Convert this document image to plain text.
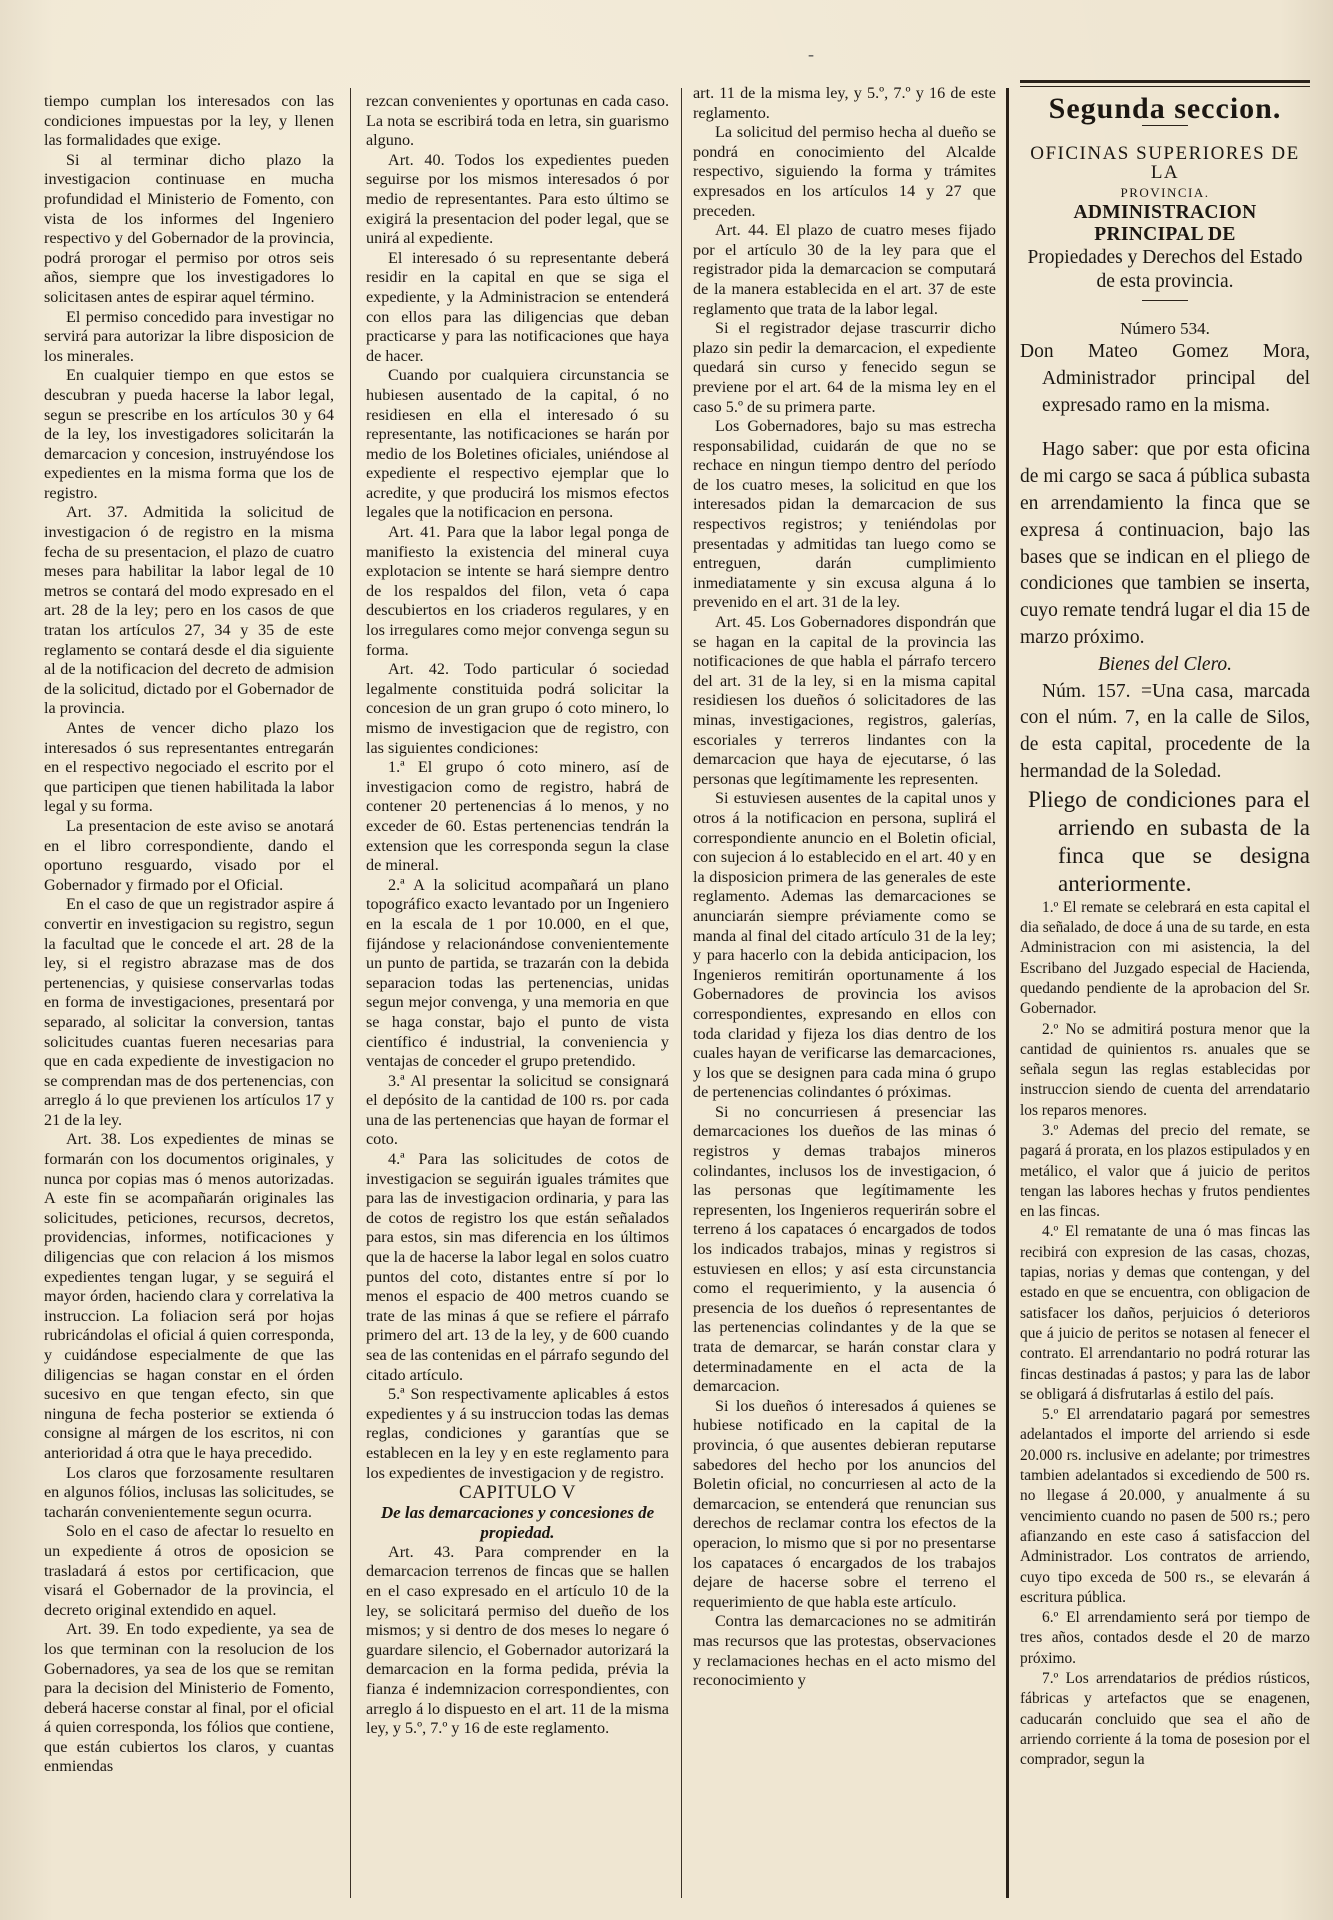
-

tiempo cumplan los interesados con las condiciones impuestas por la ley, y llenen las formalidades que exige.

Si al terminar dicho plazo la investigacion continuase en mucha profundidad el Ministerio de Fomento, con vista de los informes del Ingeniero respectivo y del Gobernador de la provincia, podrá prorogar el permiso por otros seis años, siempre que los investigadores lo solicitasen antes de espirar aquel término.

El permiso concedido para investigar no servirá para autorizar la libre disposicion de los minerales.

En cualquier tiempo en que estos se descubran y pueda hacerse la labor legal, segun se prescribe en los artículos 30 y 64 de la ley, los investigadores solicitarán la demarcacion y concesion, instruyéndose los expedientes en la misma forma que los de registro.

Art. 37. Admitida la solicitud de investigacion ó de registro en la misma fecha de su presentacion, el plazo de cuatro meses para habilitar la labor legal de 10 metros se contará del modo expresado en el art. 28 de la ley; pero en los casos de que tratan los artículos 27, 34 y 35 de este reglamento se contará desde el dia siguiente al de la notificacion del decreto de admision de la solicitud, dictado por el Gobernador de la provincia.

Antes de vencer dicho plazo los interesados ó sus representantes entregarán en el respectivo negociado el escrito por el que participen que tienen habilitada la labor legal y su forma.

La presentacion de este aviso se anotará en el libro correspondiente, dando el oportuno resguardo, visado por el Gobernador y firmado por el Oficial.

En el caso de que un registrador aspire á convertir en investigacion su registro, segun la facultad que le concede el art. 28 de la ley, si el registro abrazase mas de dos pertenencias, y quisiese conservarlas todas en forma de investigaciones, presentará por separado, al solicitar la conversion, tantas solicitudes cuantas fueren necesarias para que en cada expediente de investigacion no se comprendan mas de dos pertenencias, con arreglo á lo que previenen los artículos 17 y 21 de la ley.

Art. 38. Los expedientes de minas se formarán con los documentos originales, y nunca por copias mas ó menos autorizadas. A este fin se acompañarán originales las solicitudes, peticiones, recursos, decretos, providencias, informes, notificaciones y diligencias que con relacion á los mismos expedientes tengan lugar, y se seguirá el mayor órden, haciendo clara y correlativa la instruccion. La foliacion será por hojas rubricándolas el oficial á quien corresponda, y cuidándose especialmente de que las diligencias se hagan constar en el órden sucesivo en que tengan efecto, sin que ninguna de fecha posterior se extienda ó consigne al márgen de los escritos, ni con anterioridad á otra que le haya precedido.

Los claros que forzosamente resultaren en algunos fólios, inclusas las solicitudes, se tacharán convenientemente segun ocurra.

Solo en el caso de afectar lo resuelto en un expediente á otros de oposicion se trasladará á estos por certificacion, que visará el Gobernador de la provincia, el decreto original extendido en aquel.

Art. 39. En todo expediente, ya sea de los que terminan con la resolucion de los Gobernadores, ya sea de los que se remitan para la decision del Ministerio de Fomento, deberá hacerse constar al final, por el oficial á quien corresponda, los fólios que contiene, que están cubiertos los claros, y cuantas enmiendas

rezcan convenientes y oportunas en cada caso. La nota se escribirá toda en letra, sin guarismo alguno.

Art. 40. Todos los expedientes pueden seguirse por los mismos interesados ó por medio de representantes. Para esto último se exigirá la presentacion del poder legal, que se unirá al expediente.

El interesado ó su representante deberá residir en la capital en que se siga el expediente, y la Administracion se entenderá con ellos para las diligencias que deban practicarse y para las notificaciones que haya de hacer.

Cuando por cualquiera circunstancia se hubiesen ausentado de la capital, ó no residiesen en ella el interesado ó su representante, las notificaciones se harán por medio de los Boletines oficiales, uniéndose al expediente el respectivo ejemplar que lo acredite, y que producirá los mismos efectos legales que la notificacion en persona.

Art. 41. Para que la labor legal ponga de manifiesto la existencia del mineral cuya explotacion se intente se hará siempre dentro de los respaldos del filon, veta ó capa descubiertos en los criaderos regulares, y en los irregulares como mejor convenga segun su forma.

Art. 42. Todo particular ó sociedad legalmente constituida podrá solicitar la concesion de un gran grupo ó coto minero, lo mismo de investigacion que de registro, con las siguientes condiciones:

1.ª El grupo ó coto minero, así de investigacion como de registro, habrá de contener 20 pertenencias á lo menos, y no exceder de 60. Estas pertenencias tendrán la extension que les corresponda segun la clase de mineral.

2.ª A la solicitud acompañará un plano topográfico exacto levantado por un Ingeniero en la escala de 1 por 10.000, en el que, fijándose y relacionándose convenientemente un punto de partida, se trazarán con la debida separacion todas las pertenencias, unidas segun mejor convenga, y una memoria en que se haga constar, bajo el punto de vista científico é industrial, la conveniencia y ventajas de conceder el grupo pretendido.

3.ª Al presentar la solicitud se consignará el depósito de la cantidad de 100 rs. por cada una de las pertenencias que hayan de formar el coto.

4.ª Para las solicitudes de cotos de investigacion se seguirán iguales trámites que para las de investigacion ordinaria, y para las de cotos de registro los que están señalados para estos, sin mas diferencia en los últimos que la de hacerse la labor legal en solos cuatro puntos del coto, distantes entre sí por lo menos el espacio de 400 metros cuando se trate de las minas á que se refiere el párrafo primero del art. 13 de la ley, y de 600 cuando sea de las contenidas en el párrafo segundo del citado artículo.

5.ª Son respectivamente aplicables á estos expedientes y á su instruccion todas las demas reglas, condiciones y garantías que se establecen en la ley y en este reglamento para los expedientes de investigacion y de registro.

CAPITULO V

De las demarcaciones y concesiones de propiedad.

Art. 43. Para comprender en la demarcacion terrenos de fincas que se hallen en el caso expresado en el artículo 10 de la ley, se solicitará permiso del dueño de los mismos; y si dentro de dos meses lo negare ó guardare silencio, el Gobernador autorizará la demarcacion en la forma pedida, prévia la fianza é indemnizacion correspondientes, con arreglo á lo dispuesto en el art. 11 de la misma ley, y 5.º, 7.º y 16 de este reglamento.

art. 11 de la misma ley, y 5.º, 7.º y 16 de este reglamento.

La solicitud del permiso hecha al dueño se pondrá en conocimiento del Alcalde respectivo, siguiendo la forma y trámites expresados en los artículos 14 y 27 que preceden.

Art. 44. El plazo de cuatro meses fijado por el artículo 30 de la ley para que el registrador pida la demarcacion se computará de la manera establecida en el art. 37 de este reglamento que trata de la labor legal.

Si el registrador dejase trascurrir dicho plazo sin pedir la demarcacion, el expediente quedará sin curso y fenecido segun se previene por el art. 64 de la misma ley en el caso 5.º de su primera parte.

Los Gobernadores, bajo su mas estrecha responsabilidad, cuidarán de que no se rechace en ningun tiempo dentro del período de los cuatro meses, la solicitud en que los interesados pidan la demarcacion de sus respectivos registros; y teniéndolas por presentadas y admitidas tan luego como se entreguen, darán cumplimiento inmediatamente y sin excusa alguna á lo prevenido en el art. 31 de la ley.

Art. 45. Los Gobernadores dispondrán que se hagan en la capital de la provincia las notificaciones de que habla el párrafo tercero del art. 31 de la ley, si en la misma capital residiesen los dueños ó solicitadores de las minas, investigaciones, registros, galerías, escoriales y terreros lindantes con la demarcacion que haya de ejecutarse, ó las personas que legítimamente les representen.

Si estuviesen ausentes de la capital unos y otros á la notificacion en persona, suplirá el correspondiente anuncio en el Boletin oficial, con sujecion á lo establecido en el art. 40 y en la disposicion primera de las generales de este reglamento. Ademas las demarcaciones se anunciarán siempre préviamente como se manda al final del citado artículo 31 de la ley; y para hacerlo con la debida anticipacion, los Ingenieros remitirán oportunamente á los Gobernadores de provincia los avisos correspondientes, expresando en ellos con toda claridad y fijeza los dias dentro de los cuales hayan de verificarse las demarcaciones, y los que se designen para cada mina ó grupo de pertenencias colindantes ó próximas.

Si no concurriesen á presenciar las demarcaciones los dueños de las minas ó registros y demas trabajos mineros colindantes, inclusos los de investigacion, ó las personas que legítimamente les representen, los Ingenieros requerirán sobre el terreno á los capataces ó encargados de todos los indicados trabajos, minas y registros si estuviesen en ellos; y así esta circunstancia como el requerimiento, y la ausencia ó presencia de los dueños ó representantes de las pertenencias colindantes y de la que se trata de demarcar, se harán constar clara y determinadamente en el acta de la demarcacion.

Si los dueños ó interesados á quienes se hubiese notificado en la capital de la provincia, ó que ausentes debieran reputarse sabedores del hecho por los anuncios del Boletin oficial, no concurriesen al acto de la demarcacion, se entenderá que renuncian sus derechos de reclamar contra los efectos de la operacion, lo mismo que si por no presentarse los capataces ó encargados de los trabajos dejare de hacerse sobre el terreno el requerimiento de que habla este artículo.

Contra las demarcaciones no se admitirán mas recursos que las protestas, observaciones y reclamaciones hechas en el acto mismo del reconocimiento y

Segunda seccion.

OFICINAS SUPERIORES DE LA

PROVINCIA.

ADMINISTRACION PRINCIPAL DE

Propiedades y Derechos del Estado de esta provincia.

Número 534.

Don Mateo Gomez Mora, Administrador principal del expresado ramo en la misma.

Hago saber: que por esta oficina de mi cargo se saca á pública subasta en arrendamiento la finca que se expresa á continuacion, bajo las bases que se indican en el pliego de condiciones que tambien se inserta, cuyo remate tendrá lugar el dia 15 de marzo próximo.

Bienes del Clero.

Núm. 157. =Una casa, marcada con el núm. 7, en la calle de Silos, de esta capital, procedente de la hermandad de la Soledad.

Pliego de condiciones para el arriendo en subasta de la finca que se designa anteriormente.

1.º El remate se celebrará en esta capital el dia señalado, de doce á una de su tarde, en esta Administracion con mi asistencia, la del Escribano del Juzgado especial de Hacienda, quedando pendiente de la aprobacion del Sr. Gobernador.

2.º No se admitirá postura menor que la cantidad de quinientos rs. anuales que se señala segun las reglas establecidas por instruccion siendo de cuenta del arrendatario los reparos menores.

3.º Ademas del precio del remate, se pagará á prorata, en los plazos estipulados y en metálico, el valor que á juicio de peritos tengan las labores hechas y frutos pendientes en las fincas.

4.º El rematante de una ó mas fincas las recibirá con expresion de las casas, chozas, tapias, norias y demas que contengan, y del estado en que se encuentra, con obligacion de satisfacer los daños, perjuicios ó deterioros que á juicio de peritos se notasen al fenecer el contrato. El arrendantario no podrá roturar las fincas destinadas á pastos; y para las de labor se obligará á disfrutarlas á estilo del país.

5.º El arrendatario pagará por semestres adelantados el importe del arriendo si esde 20.000 rs. inclusive en adelante; por trimestres tambien adelantados si excediendo de 500 rs. no llegase á 20.000, y anualmente á su vencimiento cuando no pasen de 500 rs.; pero afianzando en este caso á satisfaccion del Administrador. Los contratos de arriendo, cuyo tipo exceda de 500 rs., se elevarán á escritura pública.

6.º El arrendamiento será por tiempo de tres años, contados desde el 20 de marzo próximo.

7.º Los arrendatarios de prédios rústicos, fábricas y artefactos que se enagenen, caducarán concluido que sea el año de arriendo corriente á la toma de posesion por el comprador, segun la
